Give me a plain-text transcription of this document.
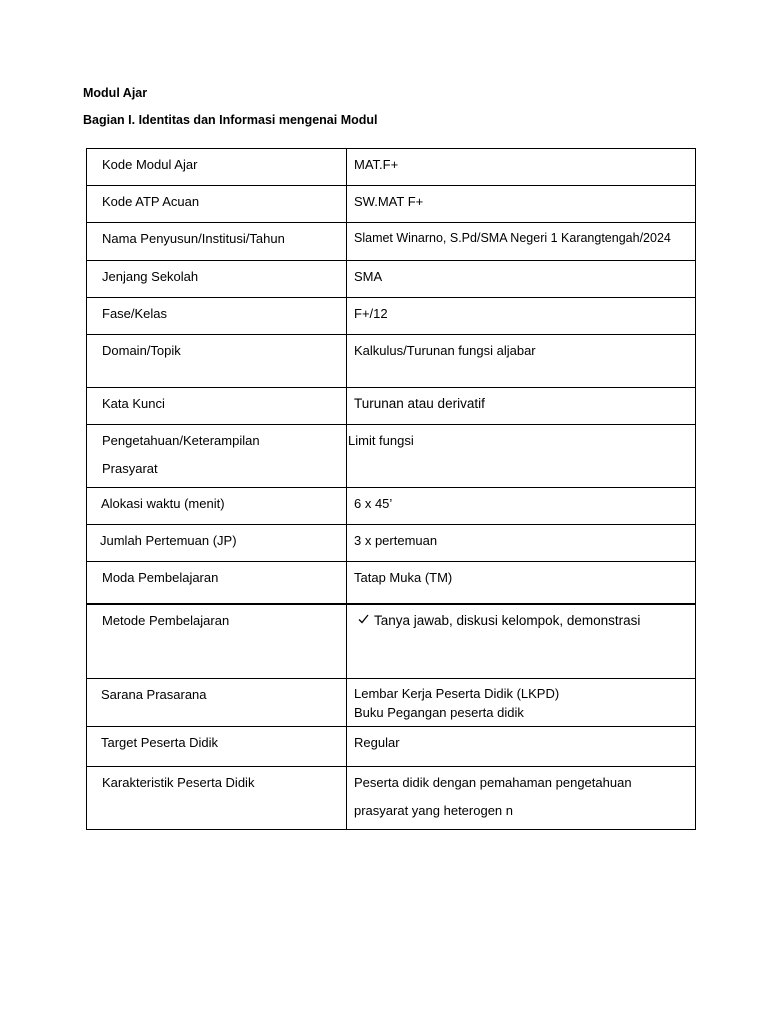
Modul Ajar

Bagian I. Identitas dan Informasi mengenai Modul

Kode Modul Ajar	MAT.F+
Kode ATP Acuan	SW.MAT F+
Nama Penyusun/Institusi/Tahun	Slamet Winarno, S.Pd/SMA Negeri 1 Karangtengah/2024
Jenjang Sekolah	SMA
Fase/Kelas	F+/12
Domain/Topik	Kalkulus/Turunan fungsi aljabar
Kata Kunci	Turunan atau derivatif

Pengetahuan/Keterampilan
Prasyarat	Limit fungsi
Alokasi waktu (menit)	6 x 45’
Jumlah Pertemuan (JP)	3 x pertemuan
Moda Pembelajaran	Tatap Muka (TM)
Metode Pembelajaran	Tanya jawab, diskusi kelompok, demonstrasi

Sarana Prasarana	Lembar Kerja Peserta Didik (LKPD)
Buku Pegangan peserta didik

Target Peserta Didik	Regular
Karakteristik Peserta Didik	Peserta didik dengan pemahaman pengetahuan
prasyarat yang heterogen n
